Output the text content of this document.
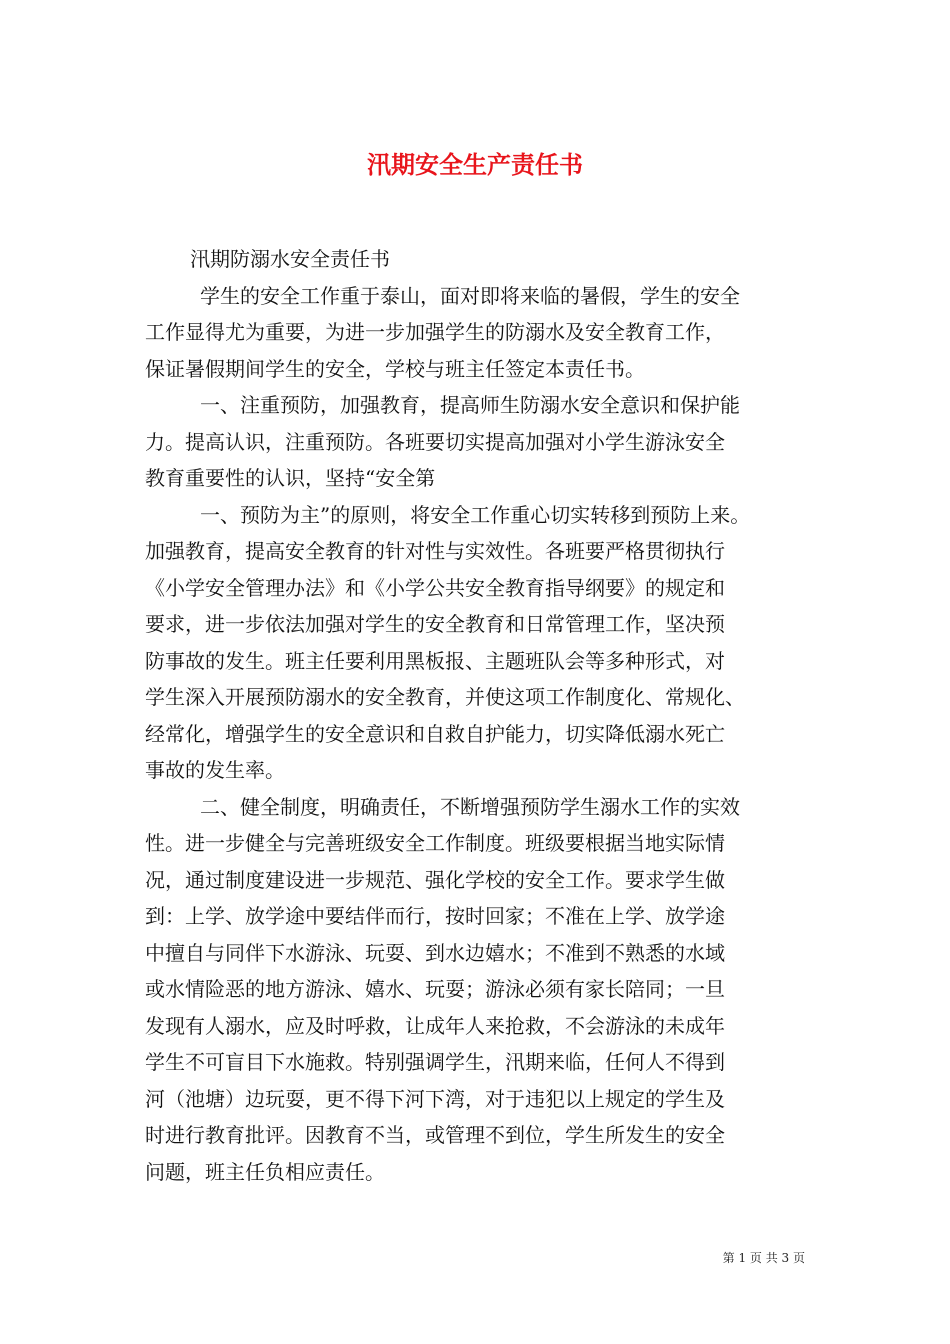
汛期安全生产责任书

汛期防溺水安全责任书

学生的安全工作重于泰山，面对即将来临的暑假，学生的安全
工作显得尤为重要，为进一步加强学生的防溺水及安全教育工作，
保证暑假期间学生的安全，学校与班主任签定本责任书。

一、注重预防，加强教育，提高师生防溺水安全意识和保护能
力。提高认识，注重预防。各班要切实提高加强对小学生游泳安全
教育重要性的认识，坚持“安全第

一、预防为主”的原则，将安全工作重心切实转移到预防上来。
加强教育，提高安全教育的针对性与实效性。各班要严格贯彻执行
《小学安全管理办法》和《小学公共安全教育指导纲要》的规定和
要求，进一步依法加强对学生的安全教育和日常管理工作，坚决预
防事故的发生。班主任要利用黑板报、主题班队会等多种形式，对
学生深入开展预防溺水的安全教育，并使这项工作制度化、常规化、
经常化，增强学生的安全意识和自救自护能力，切实降低溺水死亡
事故的发生率。

二、健全制度，明确责任，不断增强预防学生溺水工作的实效
性。进一步健全与完善班级安全工作制度。班级要根据当地实际情
况，通过制度建设进一步规范、强化学校的安全工作。要求学生做
到：上学、放学途中要结伴而行，按时回家；不准在上学、放学途
中擅自与同伴下水游泳、玩耍、到水边嬉水；不准到不熟悉的水域
或水情险恶的地方游泳、嬉水、玩耍；游泳必须有家长陪同；一旦
发现有人溺水，应及时呼救，让成年人来抢救，不会游泳的未成年
学生不可盲目下水施救。特别强调学生，汛期来临，任何人不得到
河（池塘）边玩耍，更不得下河下湾，对于违犯以上规定的学生及
时进行教育批评。因教育不当，或管理不到位，学生所发生的安全
问题，班主任负相应责任。

第 1 页 共 3 页
